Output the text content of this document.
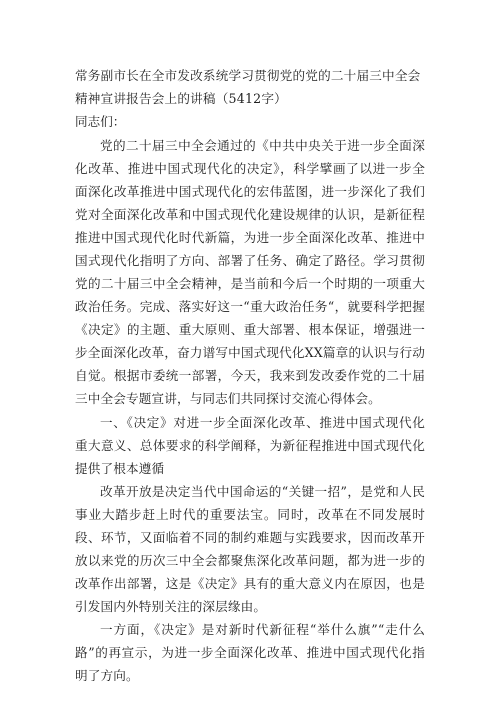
常务副市长在全市发改系统学习贯彻党的党的二十届三中全会精神宣讲报告会上的讲稿（5412字）

同志们：

党的二十届三中全会通过的《中共中央关于进一步全面深化改革、推进中国式现代化的决定》，科学擘画了以进一步全面深化改革推进中国式现代化的宏伟蓝图，进一步深化了我们党对全面深化改革和中国式现代化建设规律的认识，是新征程推进中国式现代化时代新篇，为进一步全面深化改革、推进中国式现代化指明了方向、部署了任务、确定了路径。学习贯彻党的二十届三中全会精神，是当前和今后一个时期的一项重大政治任务。完成、落实好这一“重大政治任务“，就要科学把握《决定》的主题、重大原则、重大部署、根本保证，增强进一步全面深化改革，奋力谱写中国式现代化XX篇章的认识与行动自觉。根据市委统一部署，今天，我来到发改委作党的二十届三中全会专题宣讲，与同志们共同探讨交流心得体会。

一、《决定》对进一步全面深化改革、推进中国式现代化重大意义、总体要求的科学阐释，为新征程推进中国式现代化提供了根本遵循

改革开放是决定当代中国命运的“关键一招”，是党和人民事业大踏步赶上时代的重要法宝。同时，改革在不同发展时段、环节，又面临着不同的制约难题与实践要求，因而改革开放以来党的历次三中全会都聚焦深化改革问题，都为进一步的改革作出部署，这是《决定》具有的重大意义内在原因，也是引发国内外特别关注的深层缘由。

一方面，《决定》是对新时代新征程“举什么旗”“走什么路”的再宣示，为进一步全面深化改革、推进中国式现代化指明了方向。
